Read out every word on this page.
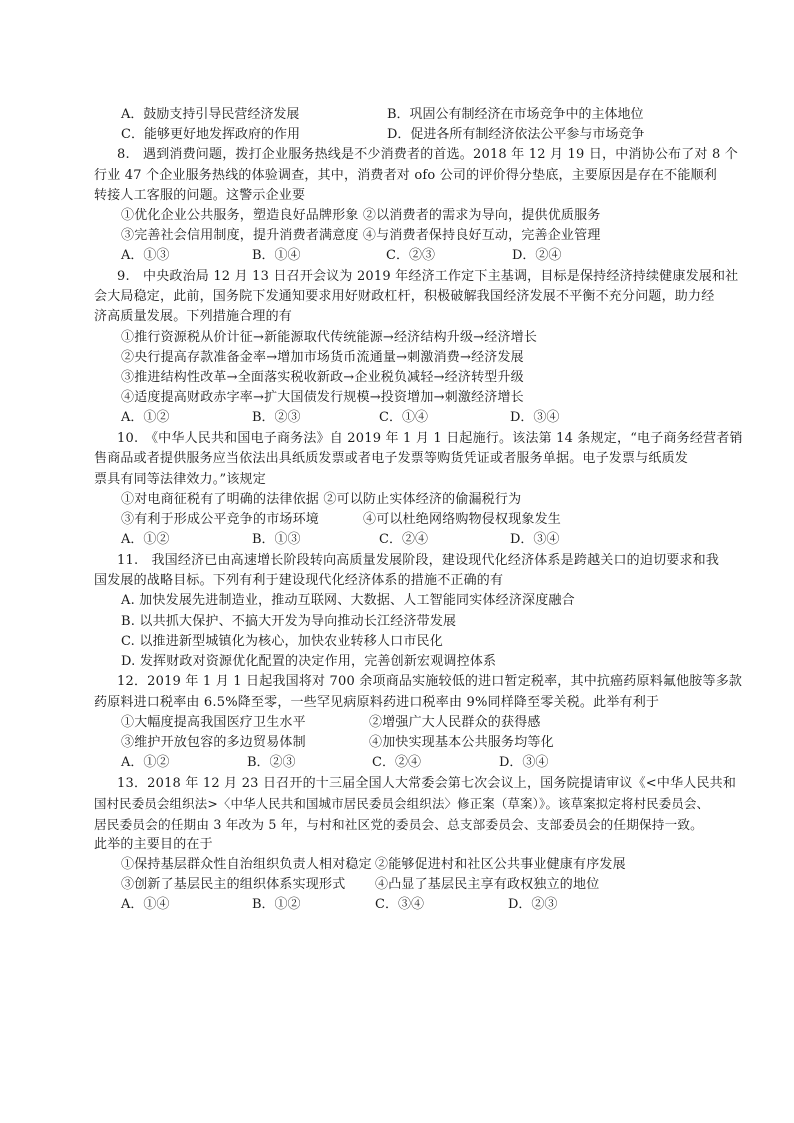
A．鼓励支持引导民营经济发展	B．巩固公有制经济在市场竞争中的主体地位
C．能够更好地发挥政府的作用	D．促进各所有制经济依法公平参与市场竞争
8.　遇到消费问题，拨打企业服务热线是不少消费者的首选。2018 年 12 月 19 日，中消协公布了对 8 个
行业 47 个企业服务热线的体验调查，其中，消费者对 ofo 公司的评价得分垫底，主要原因是存在不能顺利
转接人工客服的问题。这警示企业要
①优化企业公共服务，塑造良好品牌形象 ②以消费者的需求为导向，提供优质服务
③完善社会信用制度，提升消费者满意度 ④与消费者保持良好互动，完善企业管理
A．①③	B．①④	C．②③	D．②④
9.　中央政治局 12 月 13 日召开会议为 2019 年经济工作定下主基调，目标是保持经济持续健康发展和社
会大局稳定，此前，国务院下发通知要求用好财政杠杆，积极破解我国经济发展不平衡不充分问题，助力经
济高质量发展。下列措施合理的有
①推行资源税从价计征→新能源取代传统能源→经济结构升级→经济增长
②央行提高存款准备金率→增加市场货币流通量→刺激消费→经济发展
③推进结构性改革→全面落实税收新政→企业税负减轻→经济转型升级
④适度提高财政赤字率→扩大国债发行规模→投资增加→刺激经济增长
A．①②	B．②③	C．①④	D．③④
10.　《中华人民共和国电子商务法》自 2019 年 1 月 1 日起施行。该法第 14 条规定，“电子商务经营者销
售商品或者提供服务应当依法出具纸质发票或者电子发票等购货凭证或者服务单据。电子发票与纸质发
票具有同等法律效力。”该规定
①对电商征税有了明确的法律依据 ②可以防止实体经济的偷漏税行为
③有利于形成公平竞争的市场环境	④可以杜绝网络购物侵权现象发生
A．①②	B．①③	C．②④	D．③④
11.　我国经济已由高速增长阶段转向高质量发展阶段，建设现代化经济体系是跨越关口的迫切要求和我
国发展的战略目标。下列有利于建设现代化经济体系的措施不正确的有
A. 加快发展先进制造业，推动互联网、大数据、人工智能同实体经济深度融合
B. 以共抓大保护、不搞大开发为导向推动长江经济带发展
C. 以推进新型城镇化为核心，加快农业转移人口市民化
D. 发挥财政对资源优化配置的决定作用，完善创新宏观调控体系
12．2019 年 1 月 1 日起我国将对 700 余项商品实施较低的进口暂定税率，其中抗癌药原料氟他胺等多款
药原料进口税率由 6.5%降至零，一些罕见病原料药进口税率由 9%同样降至零关税。此举有利于
①大幅度提高我国医疗卫生水平	②增强广大人民群众的获得感
③维护开放包容的多边贸易体制	④加快实现基本公共服务均等化
A．①②	B．②③	C．②④	D．③④
13．2018 年 12 月 23 日召开的十三届全国人大常委会第七次会议上，国务院提请审议《<中华人民共和
国村民委员会组织法>〈中华人民共和国城市居民委员会组织法〉修正案（草案）》。该草案拟定将村民委员会、
居民委员会的任期由 3 年改为 5 年，与村和社区党的委员会、总支部委员会、支部委员会的任期保持一致。
此举的主要目的在于
①保持基层群众性自治组织负责人相对稳定 ②能够促进村和社区公共事业健康有序发展
③创新了基层民主的组织体系实现形式 ④凸显了基层民主享有政权独立的地位
A．①④	B．①②	C．③④	D．②③
